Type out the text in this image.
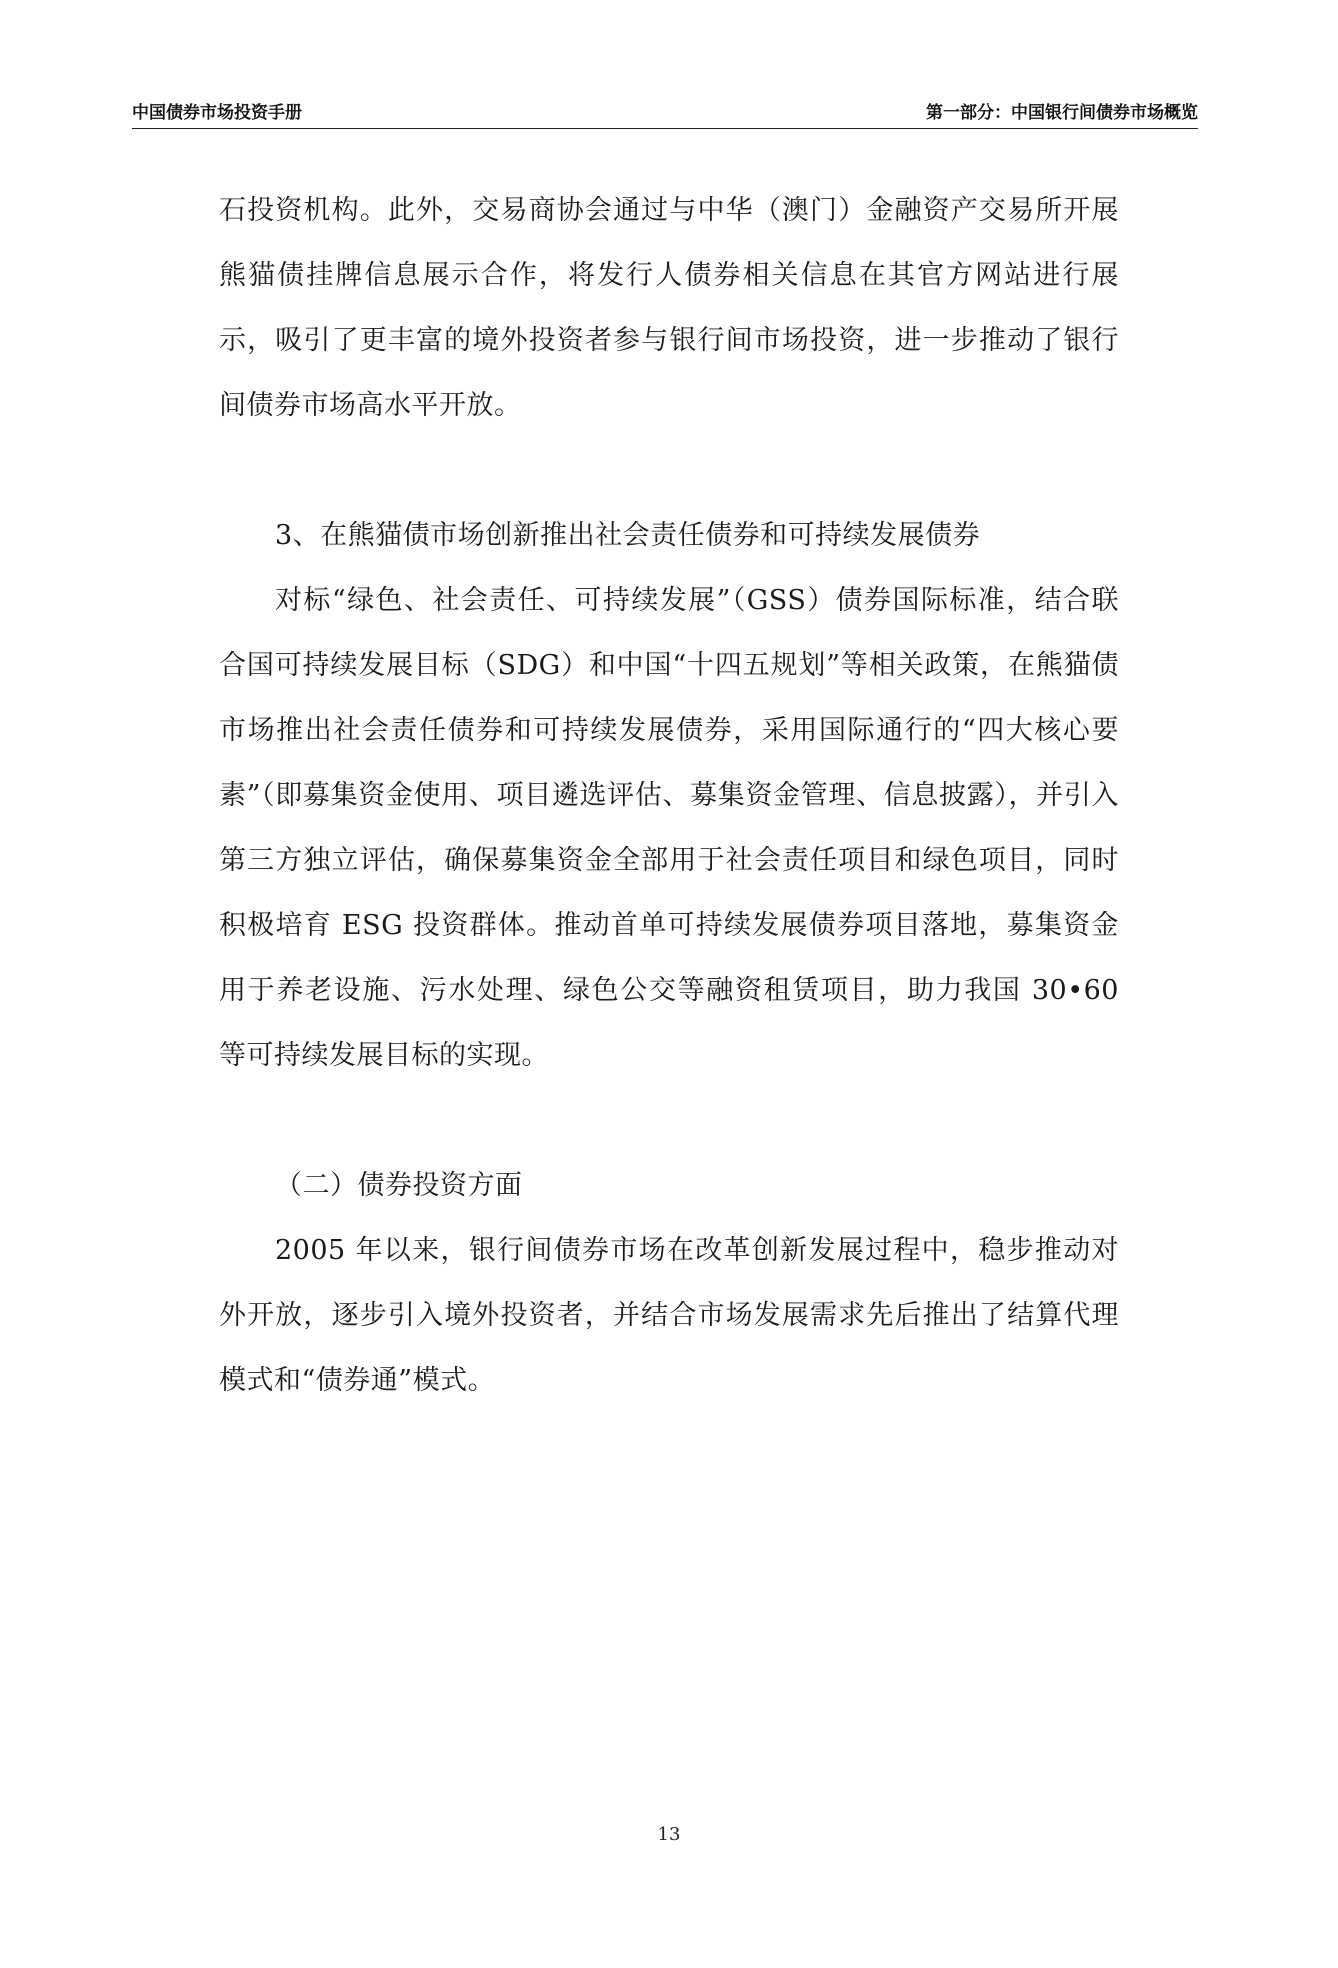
中国债券市场投资手册	第一部分：中国银行间债券市场概览

石投资机构。此外，交易商协会通过与中华（澳门）金融资产交易所开展熊猫债挂牌信息展示合作，将发行人债券相关信息在其官方网站进行展示，吸引了更丰富的境外投资者参与银行间市场投资，进一步推动了银行间债券市场高水平开放。

3、在熊猫债市场创新推出社会责任债券和可持续发展债券

对标“绿色、社会责任、可持续发展”（GSS）债券国际标准，结合联合国可持续发展目标（SDG）和中国“十四五规划”等相关政策，在熊猫债市场推出社会责任债券和可持续发展债券，采用国际通行的“四大核心要素”（即募集资金使用、项目遴选评估、募集资金管理、信息披露），并引入第三方独立评估，确保募集资金全部用于社会责任项目和绿色项目，同时积极培育 ESG 投资群体。推动首单可持续发展债券项目落地，募集资金用于养老设施、污水处理、绿色公交等融资租赁项目，助力我国 30•60 等可持续发展目标的实现。

（二）债券投资方面

2005 年以来，银行间债券市场在改革创新发展过程中，稳步推动对外开放，逐步引入境外投资者，并结合市场发展需求先后推出了结算代理模式和“债券通”模式。

13
